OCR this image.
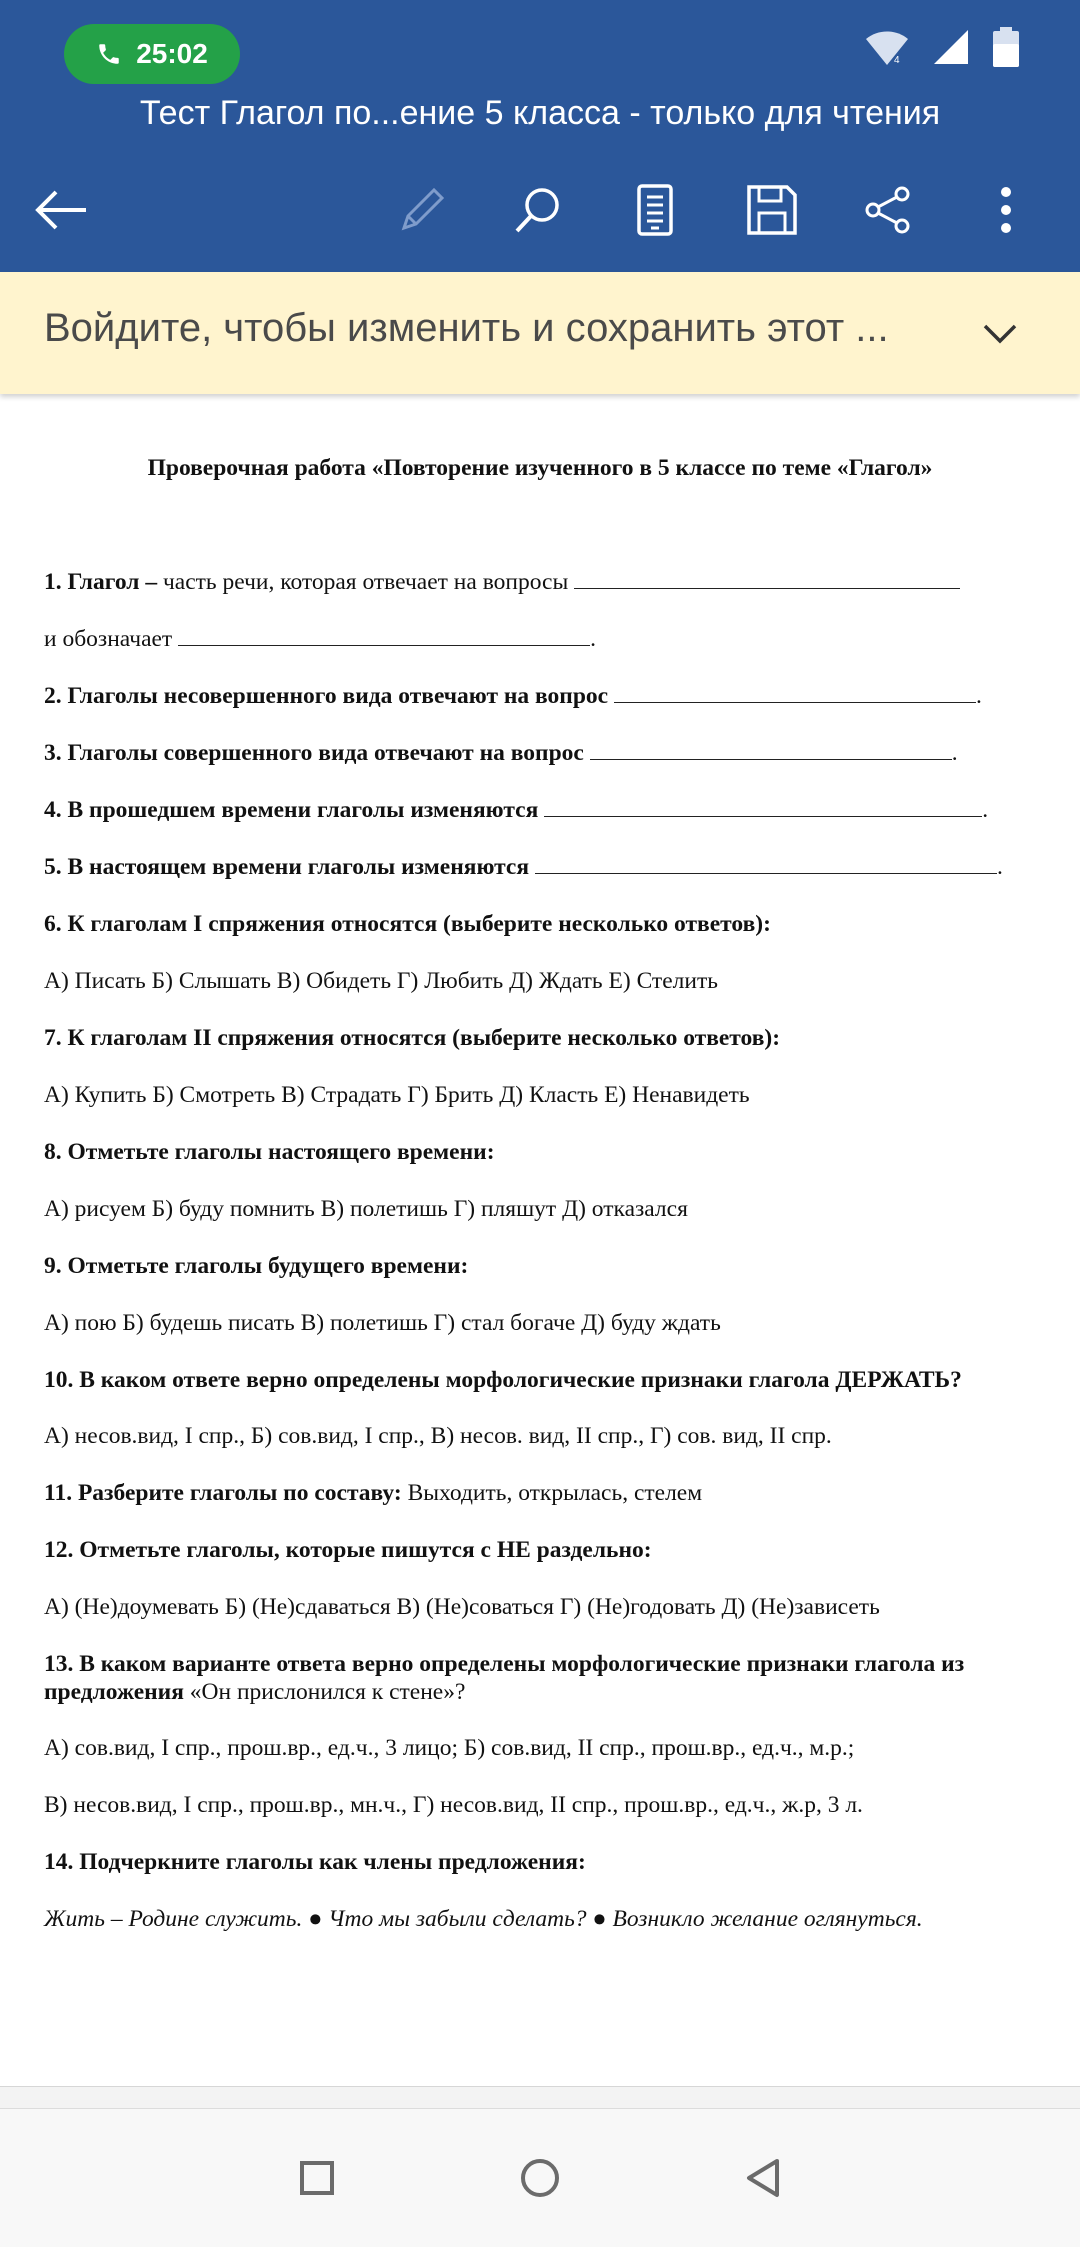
25:02	4
Тест Глагол по...ение 5 класса - только для чтения
Войдите, чтобы изменить и сохранить этот ...

Проверочная работа «Повторение изученного в 5 классе по теме «Глагол»

1. Глагол – часть речи, которая отвечает на вопросы

и обозначает	.

2. Глаголы несовершенного вида отвечают на вопрос	.

3. Глаголы совершенного вида отвечают на вопрос	.

4. В прошедшем времени глаголы изменяются	.

5. В настоящем времени глаголы изменяются	.

6. К глаголам I спряжения относятся (выберите несколько ответов):

А) Писать Б) Слышать В) Обидеть Г) Любить Д) Ждать Е) Стелить

7. К глаголам II спряжения относятся (выберите несколько ответов):

А) Купить Б) Смотреть В) Страдать Г) Брить Д) Класть Е) Ненавидеть

8. Отметьте глаголы настоящего времени:

А) рисуем Б) буду помнить В) полетишь Г) пляшут Д) отказался

9. Отметьте глаголы будущего времени:

А) пою Б) будешь писать В) полетишь Г) стал богаче Д) буду ждать

10. В каком ответе верно определены морфологические признаки глагола ДЕРЖАТЬ?

А) несов.вид, I спр., Б) сов.вид, I спр., В) несов. вид, II спр., Г) сов. вид, II спр.

11. Разберите глаголы по составу: Выходить, открылась, стелем

12. Отметьте глаголы, которые пишутся с НЕ раздельно:

А) (Не)доумевать Б) (Не)сдаваться В) (Не)соваться Г) (Не)годовать Д) (Не)зависеть

13. В каком варианте ответа верно определены морфологические признаки глагола из предложения «Он прислонился к стене»?

А) сов.вид, I спр., прош.вр., ед.ч., 3 лицо; Б) сов.вид, II спр., прош.вр., ед.ч., м.р.;

В) несов.вид, I спр., прош.вр., мн.ч., Г) несов.вид, II спр., прош.вр., ед.ч., ж.р, 3 л.

14. Подчеркните глаголы как члены предложения:

Жить – Родине служить. ● Что мы забыли сделать? ● Возникло желание оглянуться.
